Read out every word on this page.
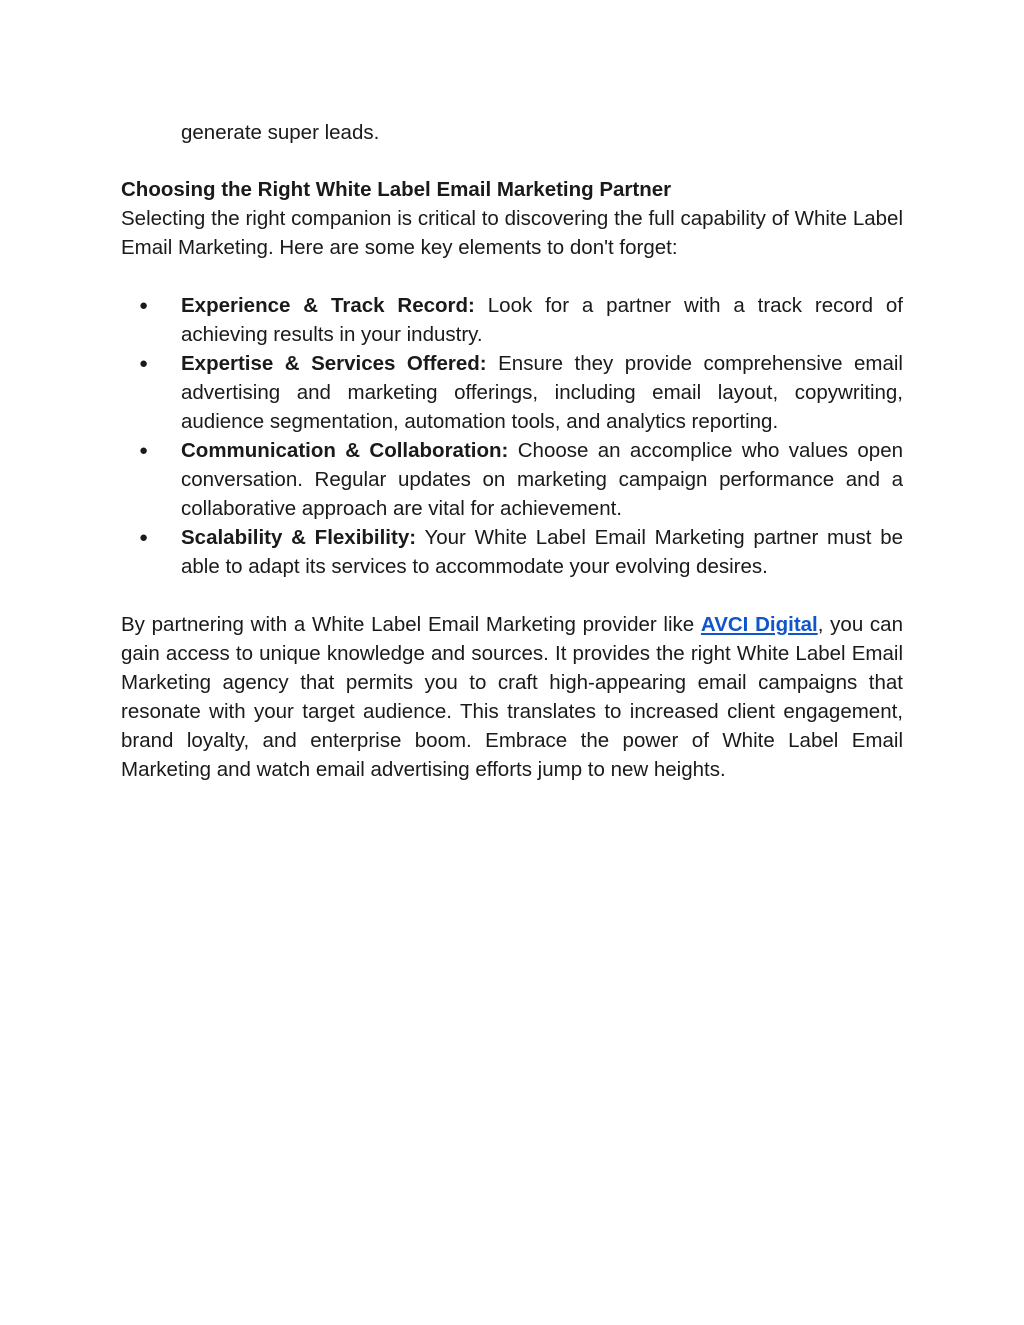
generate super leads.

Choosing the Right White Label Email Marketing Partner

Selecting the right companion is critical to discovering the full capability of White Label Email Marketing. Here are some key elements to don't forget:

● Experience & Track Record: Look for a partner with a track record of achieving results in your industry.
● Expertise & Services Offered: Ensure they provide comprehensive email advertising and marketing offerings, including email layout, copywriting, audience segmentation, automation tools, and analytics reporting.
● Communication & Collaboration: Choose an accomplice who values open conversation. Regular updates on marketing campaign performance and a collaborative approach are vital for achievement.
● Scalability & Flexibility: Your White Label Email Marketing partner must be able to adapt its services to accommodate your evolving desires.

By partnering with a White Label Email Marketing provider like AVCI Digital, you can gain access to unique knowledge and sources. It provides the right White Label Email Marketing agency that permits you to craft high-appearing email campaigns that resonate with your target audience. This translates to increased client engagement, brand loyalty, and enterprise boom. Embrace the power of White Label Email Marketing and watch email advertising efforts jump to new heights.
